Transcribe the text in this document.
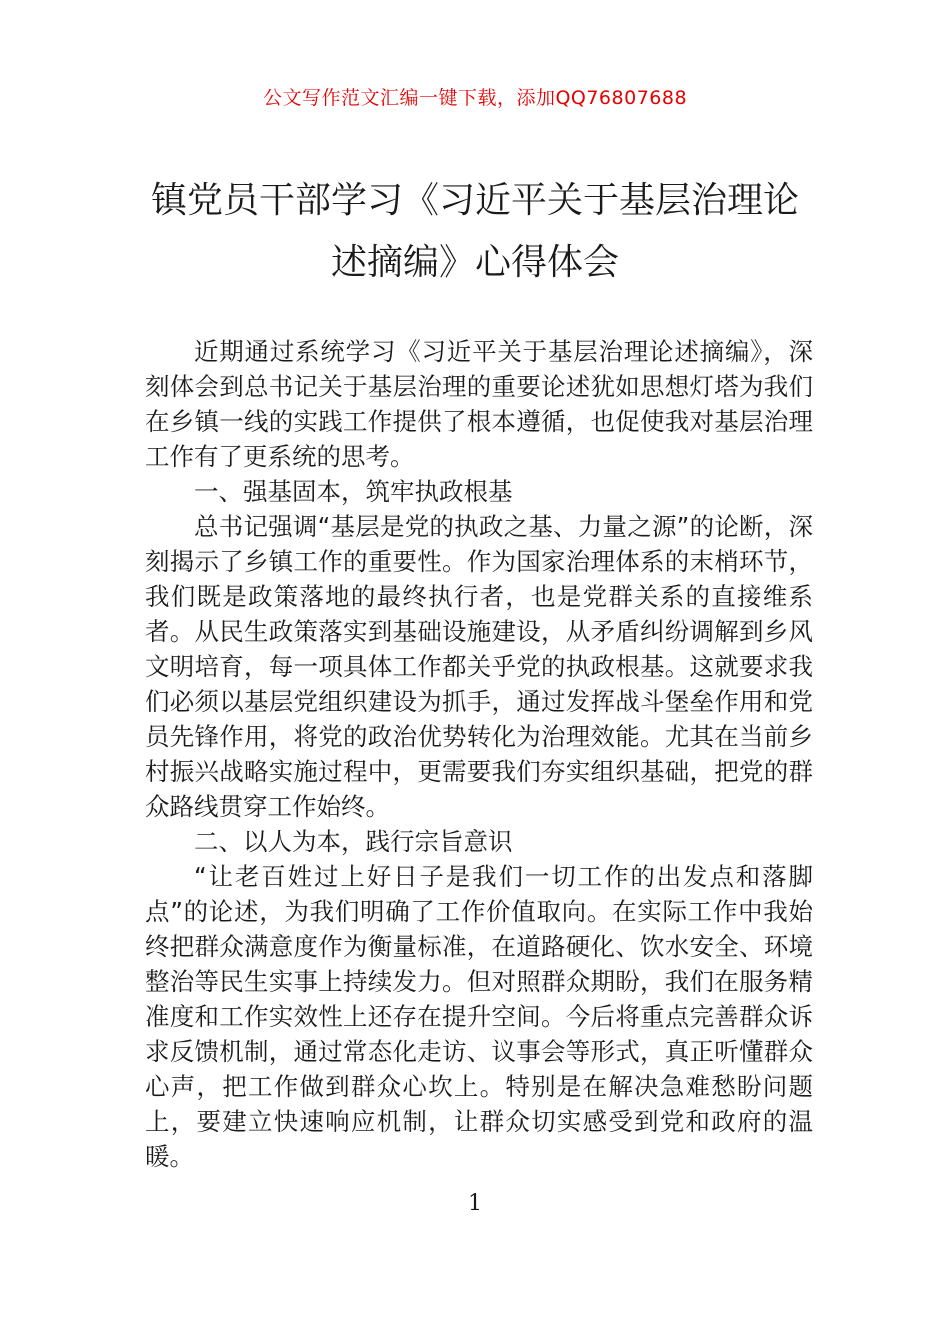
公文写作范文汇编一键下载，添加QQ76807688
镇党员干部学习《习近平关于基层治理论
述摘编》心得体会

近期通过系统学习《习近平关于基层治理论述摘编》，深刻体会到总书记关于基层治理的重要论述犹如思想灯塔为我们在乡镇一线的实践工作提供了根本遵循，也促使我对基层治理工作有了更系统的思考。

一、强基固本，筑牢执政根基

总书记强调“基层是党的执政之基、力量之源”的论断，深刻揭示了乡镇工作的重要性。作为国家治理体系的末梢环节，我们既是政策落地的最终执行者，也是党群关系的直接维系者。从民生政策落实到基础设施建设，从矛盾纠纷调解到乡风文明培育，每一项具体工作都关乎党的执政根基。这就要求我们必须以基层党组织建设为抓手，通过发挥战斗堡垒作用和党员先锋作用，将党的政治优势转化为治理效能。尤其在当前乡村振兴战略实施过程中，更需要我们夯实组织基础，把党的群众路线贯穿工作始终。

二、以人为本，践行宗旨意识

“让老百姓过上好日子是我们一切工作的出发点和落脚点”的论述，为我们明确了工作价值取向。在实际工作中我始终把群众满意度作为衡量标准，在道路硬化、饮水安全、环境整治等民生实事上持续发力。但对照群众期盼，我们在服务精准度和工作实效性上还存在提升空间。今后将重点完善群众诉求反馈机制，通过常态化走访、议事会等形式，真正听懂群众心声，把工作做到群众心坎上。特别是在解决急难愁盼问题上，要建立快速响应机制，让群众切实感受到党和政府的温暖。

1
